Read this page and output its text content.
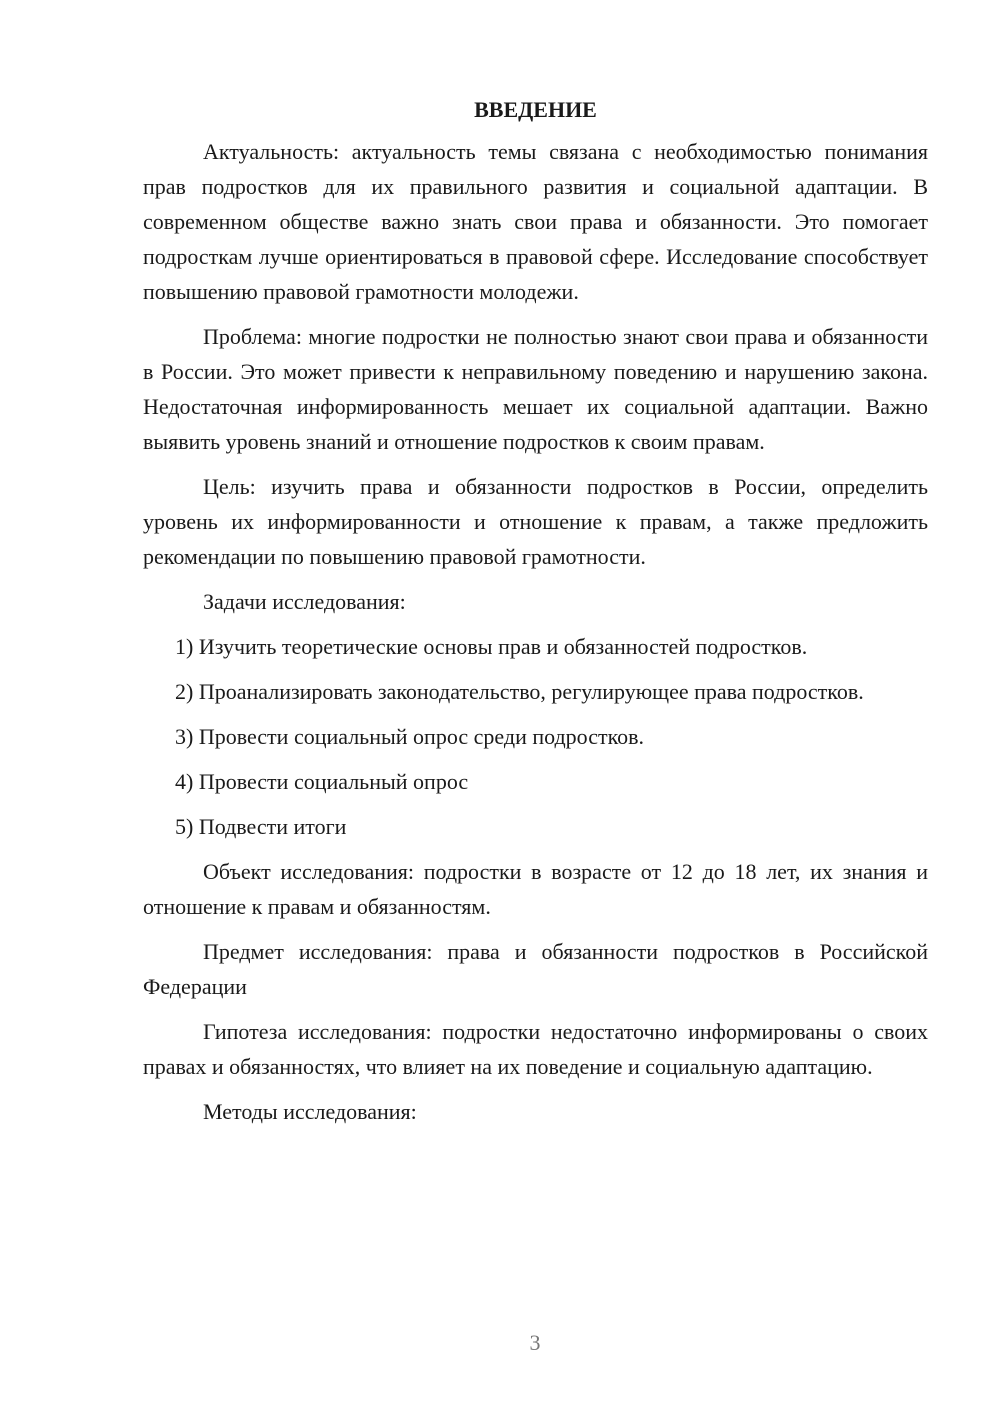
ВВЕДЕНИЕ

Актуальность: актуальность темы связана с необходимостью понимания прав подростков для их правильного развития и социальной адаптации. В современном обществе важно знать свои права и обязанности. Это помогает подросткам лучше ориентироваться в правовой сфере. Исследование способствует повышению правовой грамотности молодежи.

Проблема: многие подростки не полностью знают свои права и обязанности в России. Это может привести к неправильному поведению и нарушению закона. Недостаточная информированность мешает их социальной адаптации. Важно выявить уровень знаний и отношение подростков к своим правам.

Цель: изучить права и обязанности подростков в России, определить уровень их информированности и отношение к правам, а также предложить рекомендации по повышению правовой грамотности.

Задачи исследования:

1) Изучить теоретические основы прав и обязанностей подростков.

2) Проанализировать законодательство, регулирующее права подростков.

3) Провести социальный опрос среди подростков.

4) Провести социальный опрос

5) Подвести итоги

Объект исследования: подростки в возрасте от 12 до 18 лет, их знания и отношение к правам и обязанностям.

Предмет исследования: права и обязанности подростков в Российской Федерации

Гипотеза исследования: подростки недостаточно информированы о своих правах и обязанностях, что влияет на их поведение и социальную адаптацию.

Методы исследования:

3
